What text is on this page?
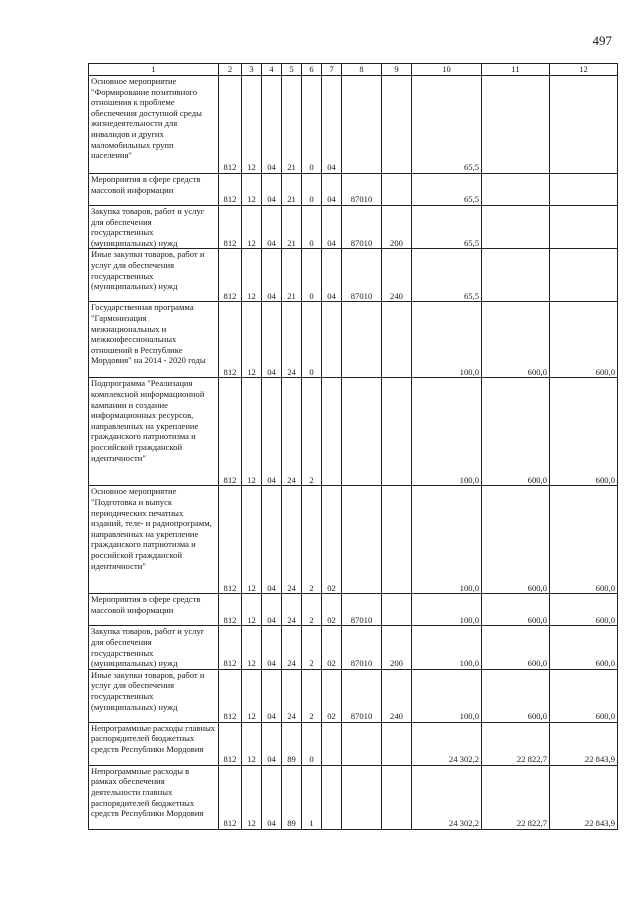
497
1	2	3	4	5	6	7	8	9	10	11	12
Основное мероприятие "Формирование позитивного отношения к проблеме обеспечения доступной среды жизнедеятельности для инвалидов и других маломобильных групп населения"	812	12	04	21	0	04			65,5		
Мероприятия в сфере средств массовой информации	812	12	04	21	0	04	87010		65,5		
Закупка товаров, работ и услуг для обеспечения государственных (муниципальных) нужд	812	12	04	21	0	04	87010	200	65,5		
Иные закупки товаров, работ и услуг для обеспечения государственных (муниципальных) нужд	812	12	04	21	0	04	87010	240	65,5		
Государственная программа "Гармонизация межнациональных и межконфессиональных отношений в Республике Мордовия" на 2014 - 2020 годы	812	12	04	24	0				100,0	600,0	600,0
Подпрограмма "Реализация комплексной информационной кампании и создание информационных ресурсов, направленных на укрепление гражданского патриотизма и российской гражданской идентичности"	812	12	04	24	2				100,0	600,0	600,0
Основное мероприятие "Подготовка и выпуск периодических печатных изданий, теле- и радиопрограмм, направленных на укрепление гражданского патриотизма и российской гражданской идентичности"	812	12	04	24	2	02			100,0	600,0	600,0
Мероприятия в сфере средств массовой информации	812	12	04	24	2	02	87010		100,0	600,0	600,0
Закупка товаров, работ и услуг для обеспечения государственных (муниципальных) нужд	812	12	04	24	2	02	87010	200	100,0	600,0	600,0
Иные закупки товаров, работ и услуг для обеспечения государственных (муниципальных) нужд	812	12	04	24	2	02	87010	240	100,0	600,0	600,0
Непрограммные расходы главных распорядителей бюджетных средств Республики Мордовия	812	12	04	89	0				24 302,2	22 822,7	22 843,9
Непрограммные расходы в рамках обеспечения деятельности главных распорядителей бюджетных средств Республики Мордовия	812	12	04	89	1				24 302,2	22 822,7	22 843,9
